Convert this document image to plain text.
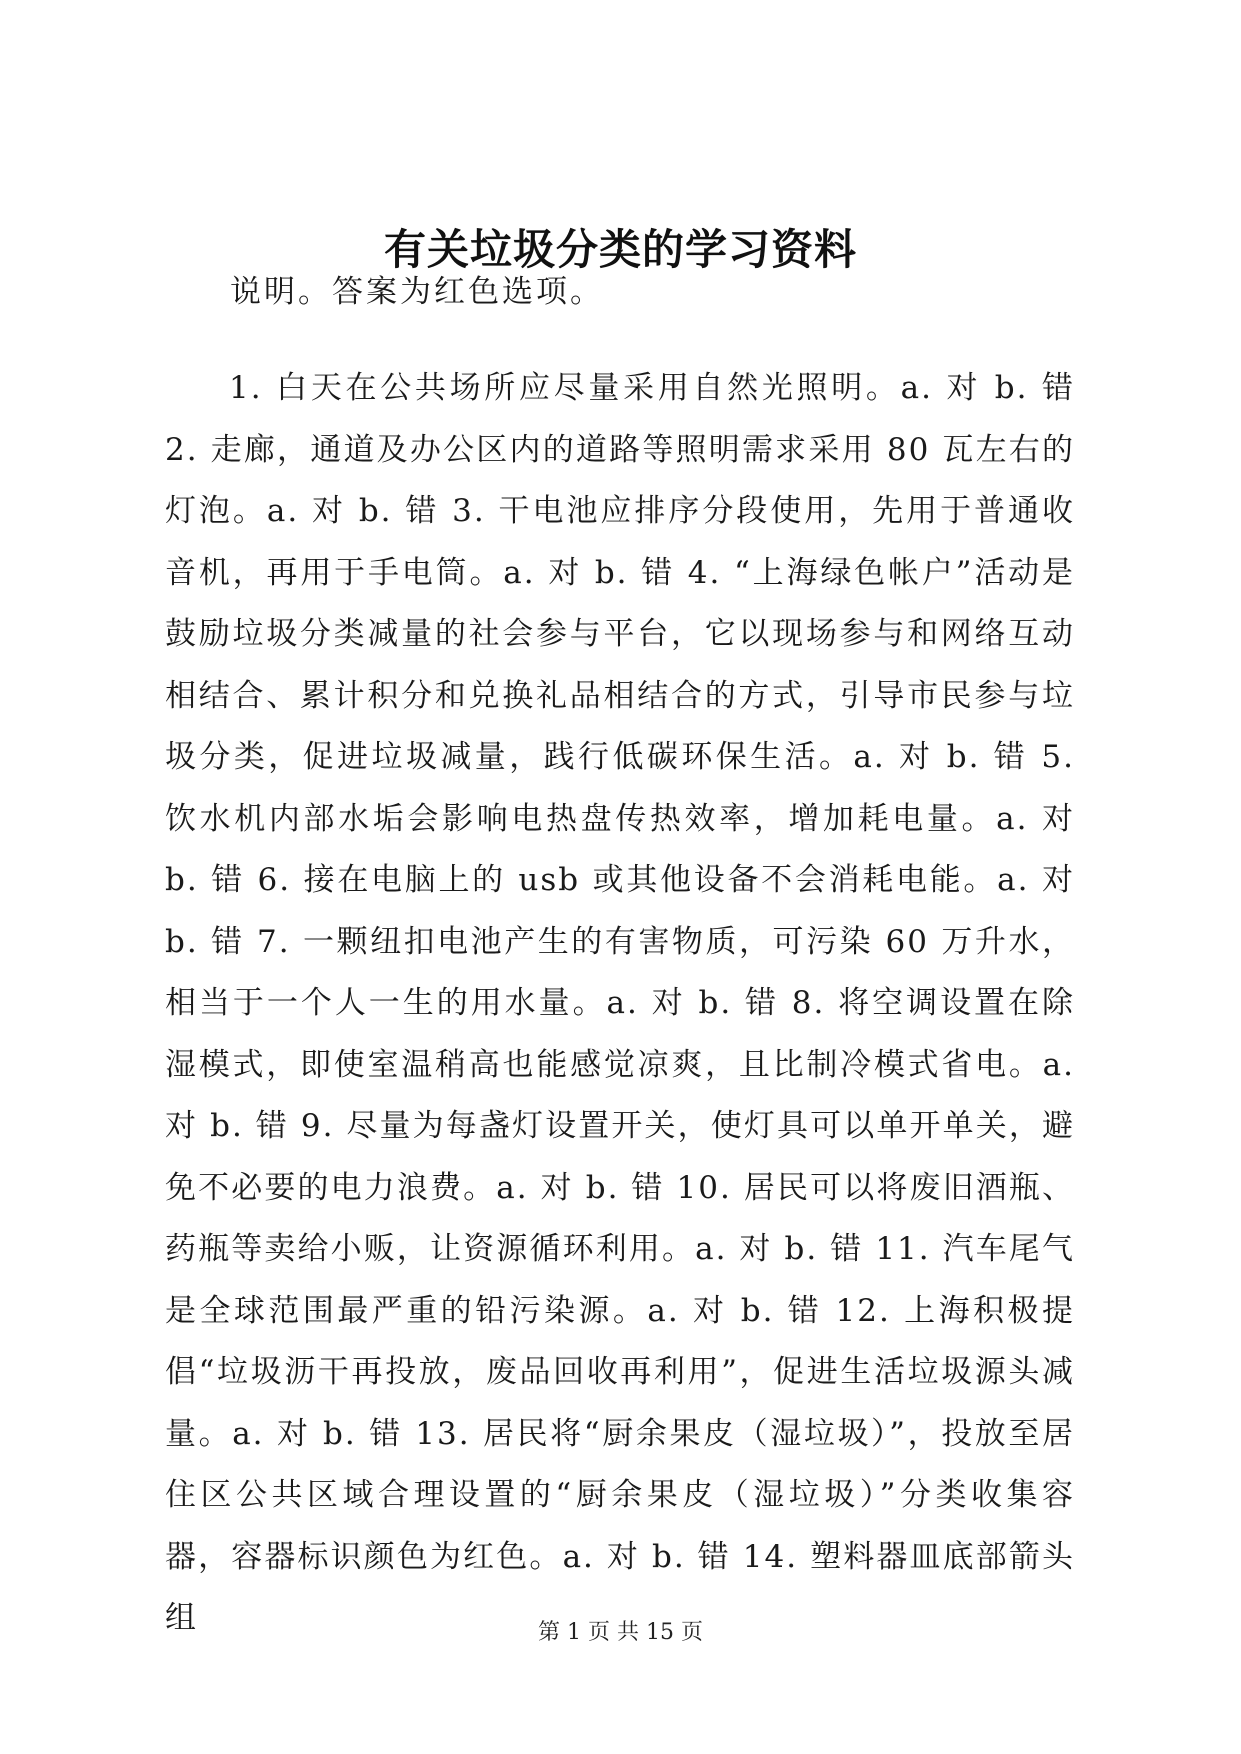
有关垃圾分类的学习资料

说明。答案为红色选项。

1. 白天在公共场所应尽量采用自然光照明。a. 对 b. 错 2. 走廊，通道及办公区内的道路等照明需求采用 80 瓦左右的灯泡。a. 对 b. 错 3. 干电池应排序分段使用，先用于普通收音机，再用于手电筒。a. 对 b. 错 4. “上海绿色帐户”活动是鼓励垃圾分类减量的社会参与平台，它以现场参与和网络互动相结合、累计积分和兑换礼品相结合的方式，引导市民参与垃圾分类，促进垃圾减量，践行低碳环保生活。a. 对 b. 错 5. 饮水机内部水垢会影响电热盘传热效率，增加耗电量。a. 对 b. 错 6. 接在电脑上的 usb 或其他设备不会消耗电能。a. 对 b. 错 7. 一颗纽扣电池产生的有害物质，可污染 60 万升水，相当于一个人一生的用水量。a. 对 b. 错 8. 将空调设置在除湿模式，即使室温稍高也能感觉凉爽，且比制冷模式省电。a. 对 b. 错 9. 尽量为每盏灯设置开关，使灯具可以单开单关，避免不必要的电力浪费。a. 对 b. 错 10. 居民可以将废旧酒瓶、药瓶等卖给小贩，让资源循环利用。a. 对 b. 错 11. 汽车尾气是全球范围最严重的铅污染源。a. 对 b. 错 12. 上海积极提倡“垃圾沥干再投放，废品回收再利用”，促进生活垃圾源头减量。a. 对 b. 错 13. 居民将“厨余果皮（湿垃圾）”，投放至居住区公共区域合理设置的“厨余果皮（湿垃圾）”分类收集容器，容器标识颜色为红色。a. 对 b. 错 14. 塑料器皿底部箭头组	第 1 页 共 15 页
